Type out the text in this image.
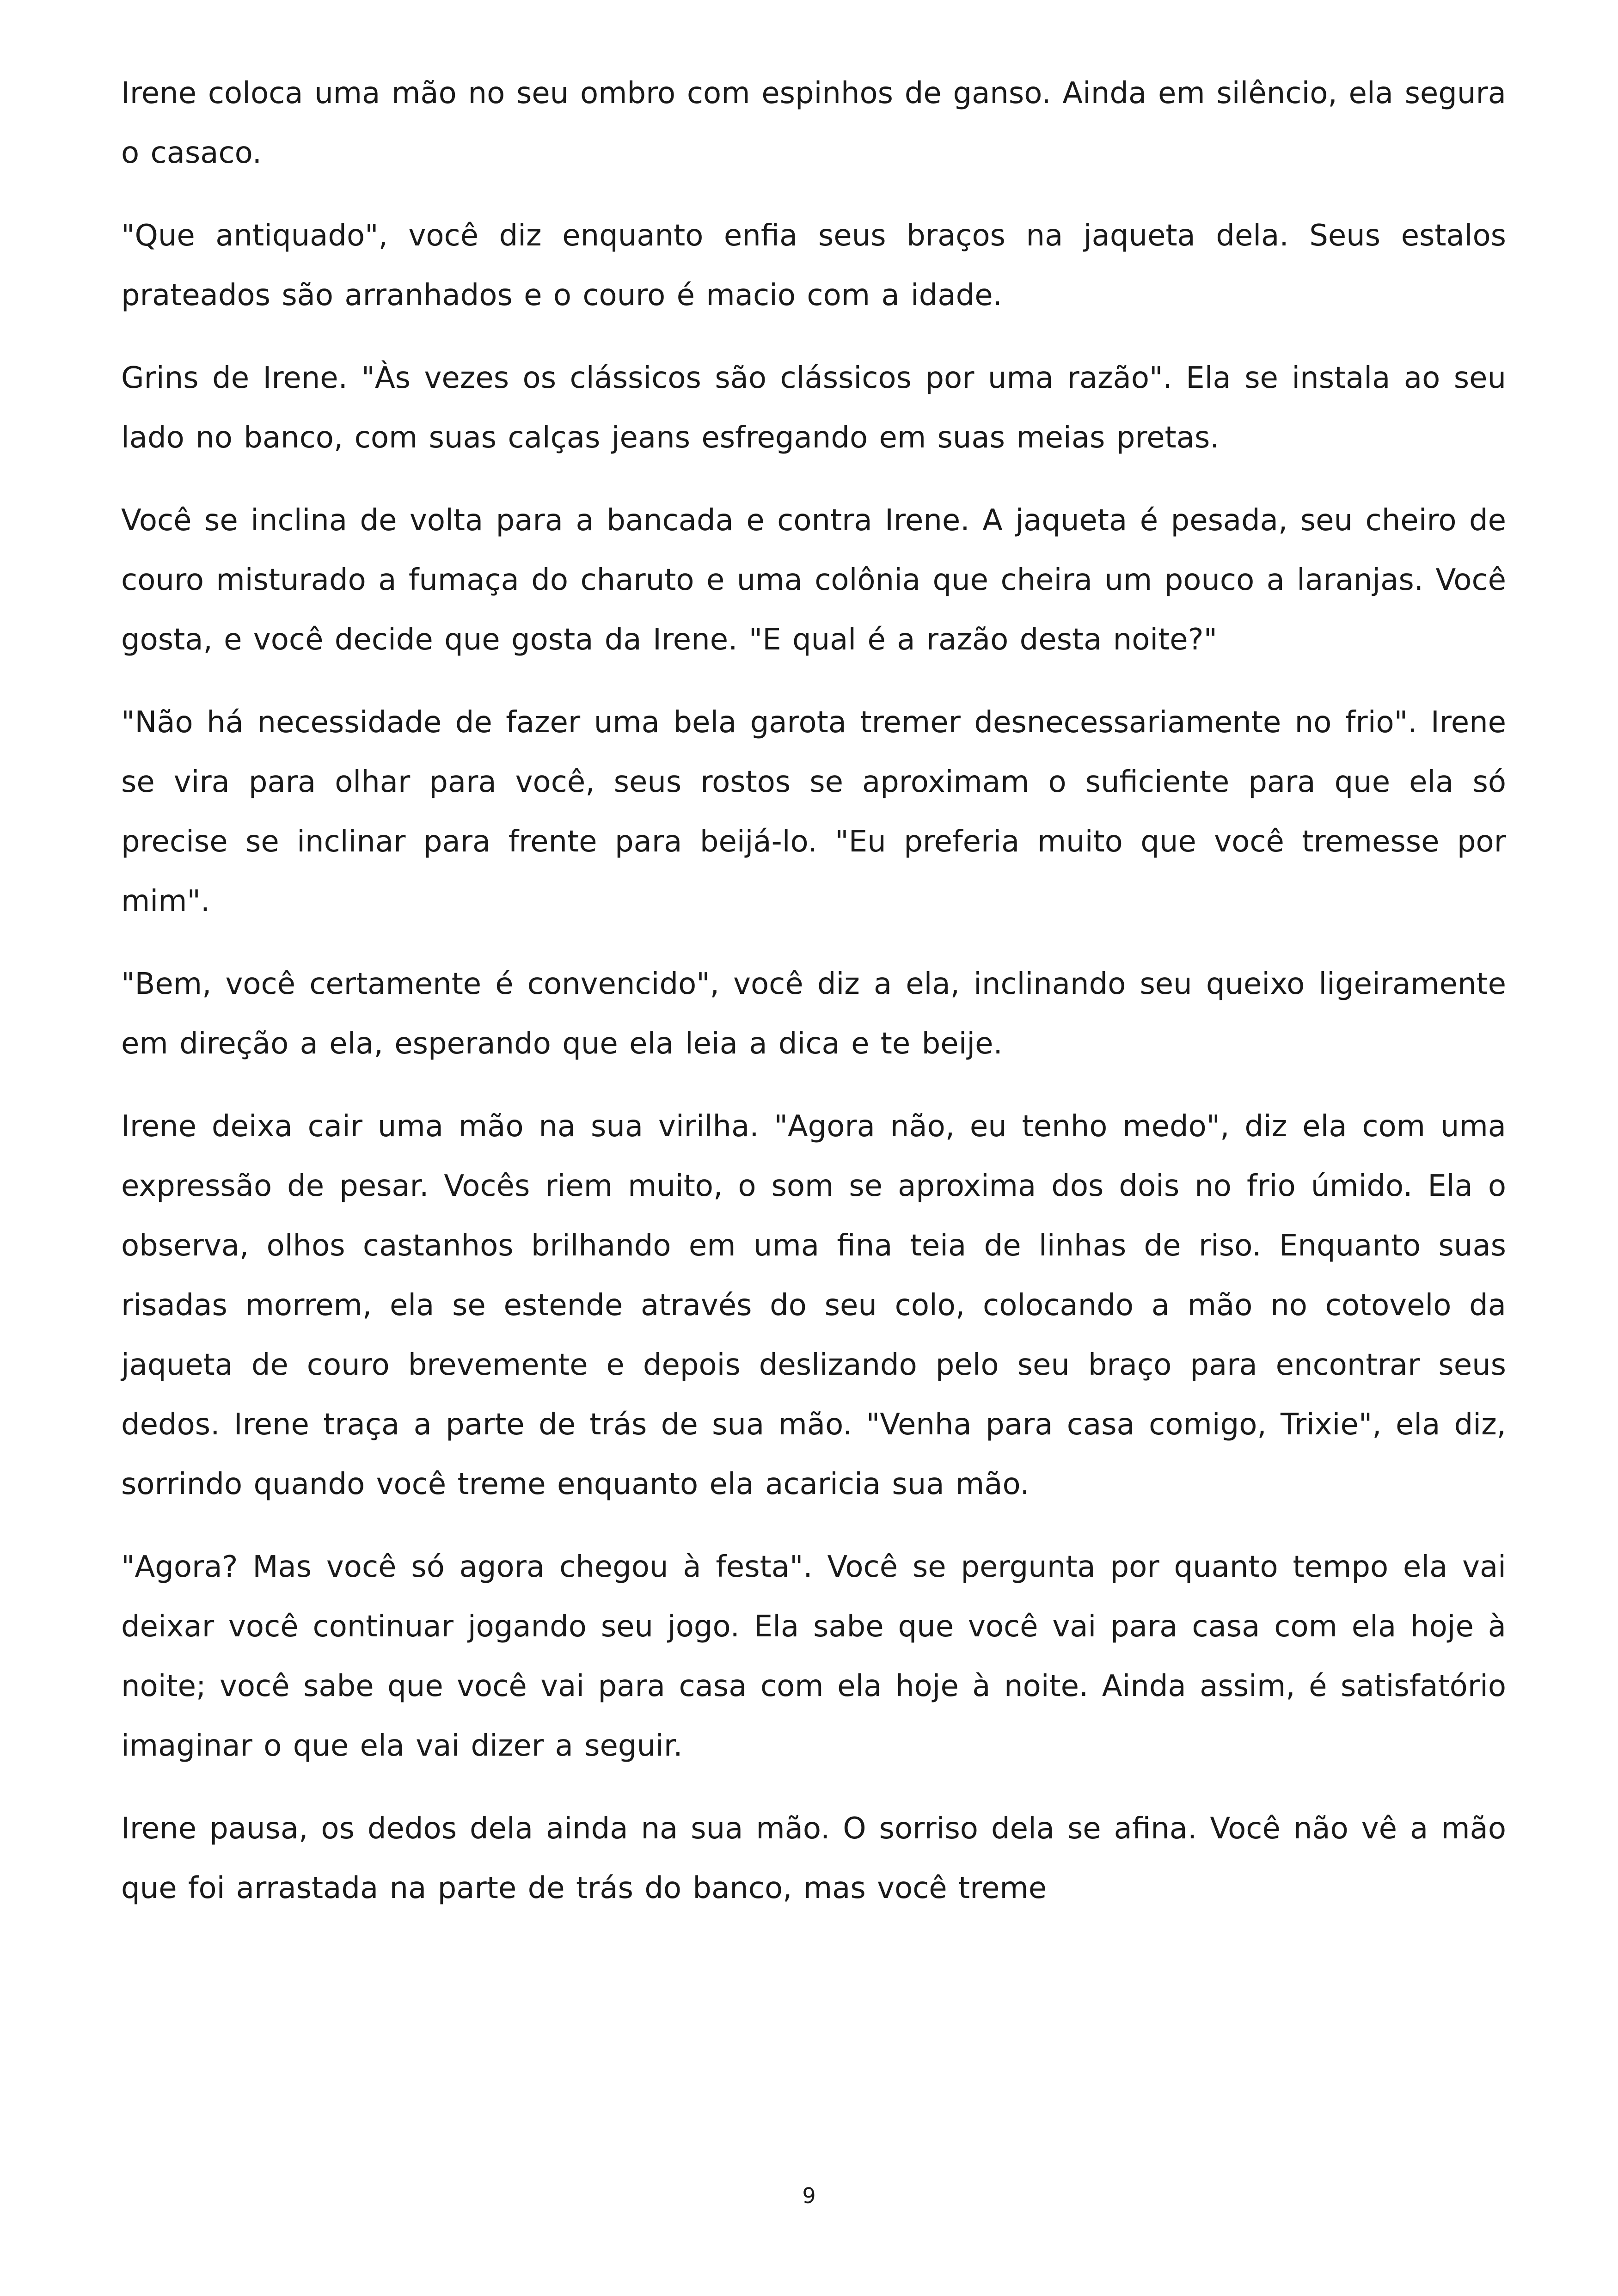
Irene coloca uma mão no seu ombro com espinhos de ganso. Ainda em silêncio, ela segura o casaco.

"Que antiquado", você diz enquanto enfia seus braços na jaqueta dela. Seus estalos prateados são arranhados e o couro é macio com a idade.

Grins de Irene. "Às vezes os clássicos são clássicos por uma razão". Ela se instala ao seu lado no banco, com suas calças jeans esfregando em suas meias pretas.

Você se inclina de volta para a bancada e contra Irene. A jaqueta é pesada, seu cheiro de couro misturado a fumaça do charuto e uma colônia que cheira um pouco a laranjas. Você gosta, e você decide que gosta da Irene. "E qual é a razão desta noite?"

"Não há necessidade de fazer uma bela garota tremer desnecessariamente no frio". Irene se vira para olhar para você, seus rostos se aproximam o suficiente para que ela só precise se inclinar para frente para beijá-lo. "Eu preferia muito que você tremesse por mim".

"Bem, você certamente é convencido", você diz a ela, inclinando seu queixo ligeiramente em direção a ela, esperando que ela leia a dica e te beije.

Irene deixa cair uma mão na sua virilha. "Agora não, eu tenho medo", diz ela com uma expressão de pesar. Vocês riem muito, o som se aproxima dos dois no frio úmido. Ela o observa, olhos castanhos brilhando em uma fina teia de linhas de riso. Enquanto suas risadas morrem, ela se estende através do seu colo, colocando a mão no cotovelo da jaqueta de couro brevemente e depois deslizando pelo seu braço para encontrar seus dedos. Irene traça a parte de trás de sua mão. "Venha para casa comigo, Trixie", ela diz, sorrindo quando você treme enquanto ela acaricia sua mão.

"Agora? Mas você só agora chegou à festa". Você se pergunta por quanto tempo ela vai deixar você continuar jogando seu jogo. Ela sabe que você vai para casa com ela hoje à noite; você sabe que você vai para casa com ela hoje à noite. Ainda assim, é satisfatório imaginar o que ela vai dizer a seguir.

Irene pausa, os dedos dela ainda na sua mão. O sorriso dela se afina. Você não vê a mão que foi arrastada na parte de trás do banco, mas você treme

9
